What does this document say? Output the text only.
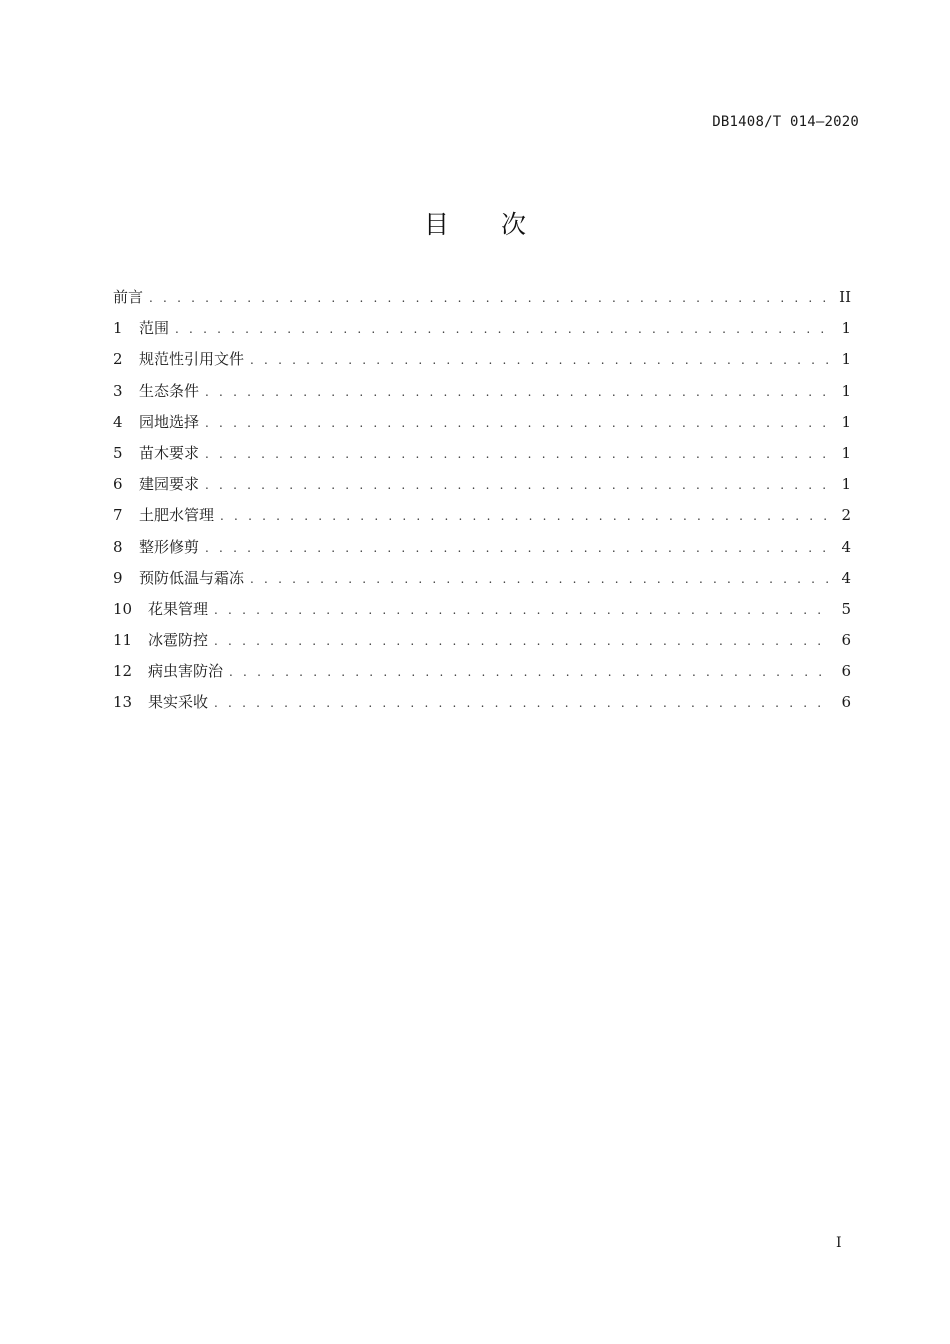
DB1408/T 014—2020
目 次
前言 . . .	II
1	范围 . . .	1
2	规范性引用文件 . . .	1
3	生态条件 . . .	1
4	园地选择 . . .	1
5	苗木要求 . . .	1
6	建园要求 . . .	1
7	土肥水管理 . . .	2
8	整形修剪 . . .	4
9	预防低温与霜冻 . . .	4
10	花果管理 . . .	5
11	冰雹防控 . . .	6
12	病虫害防治 . . .	6
13	果实采收 . . .	6
I
